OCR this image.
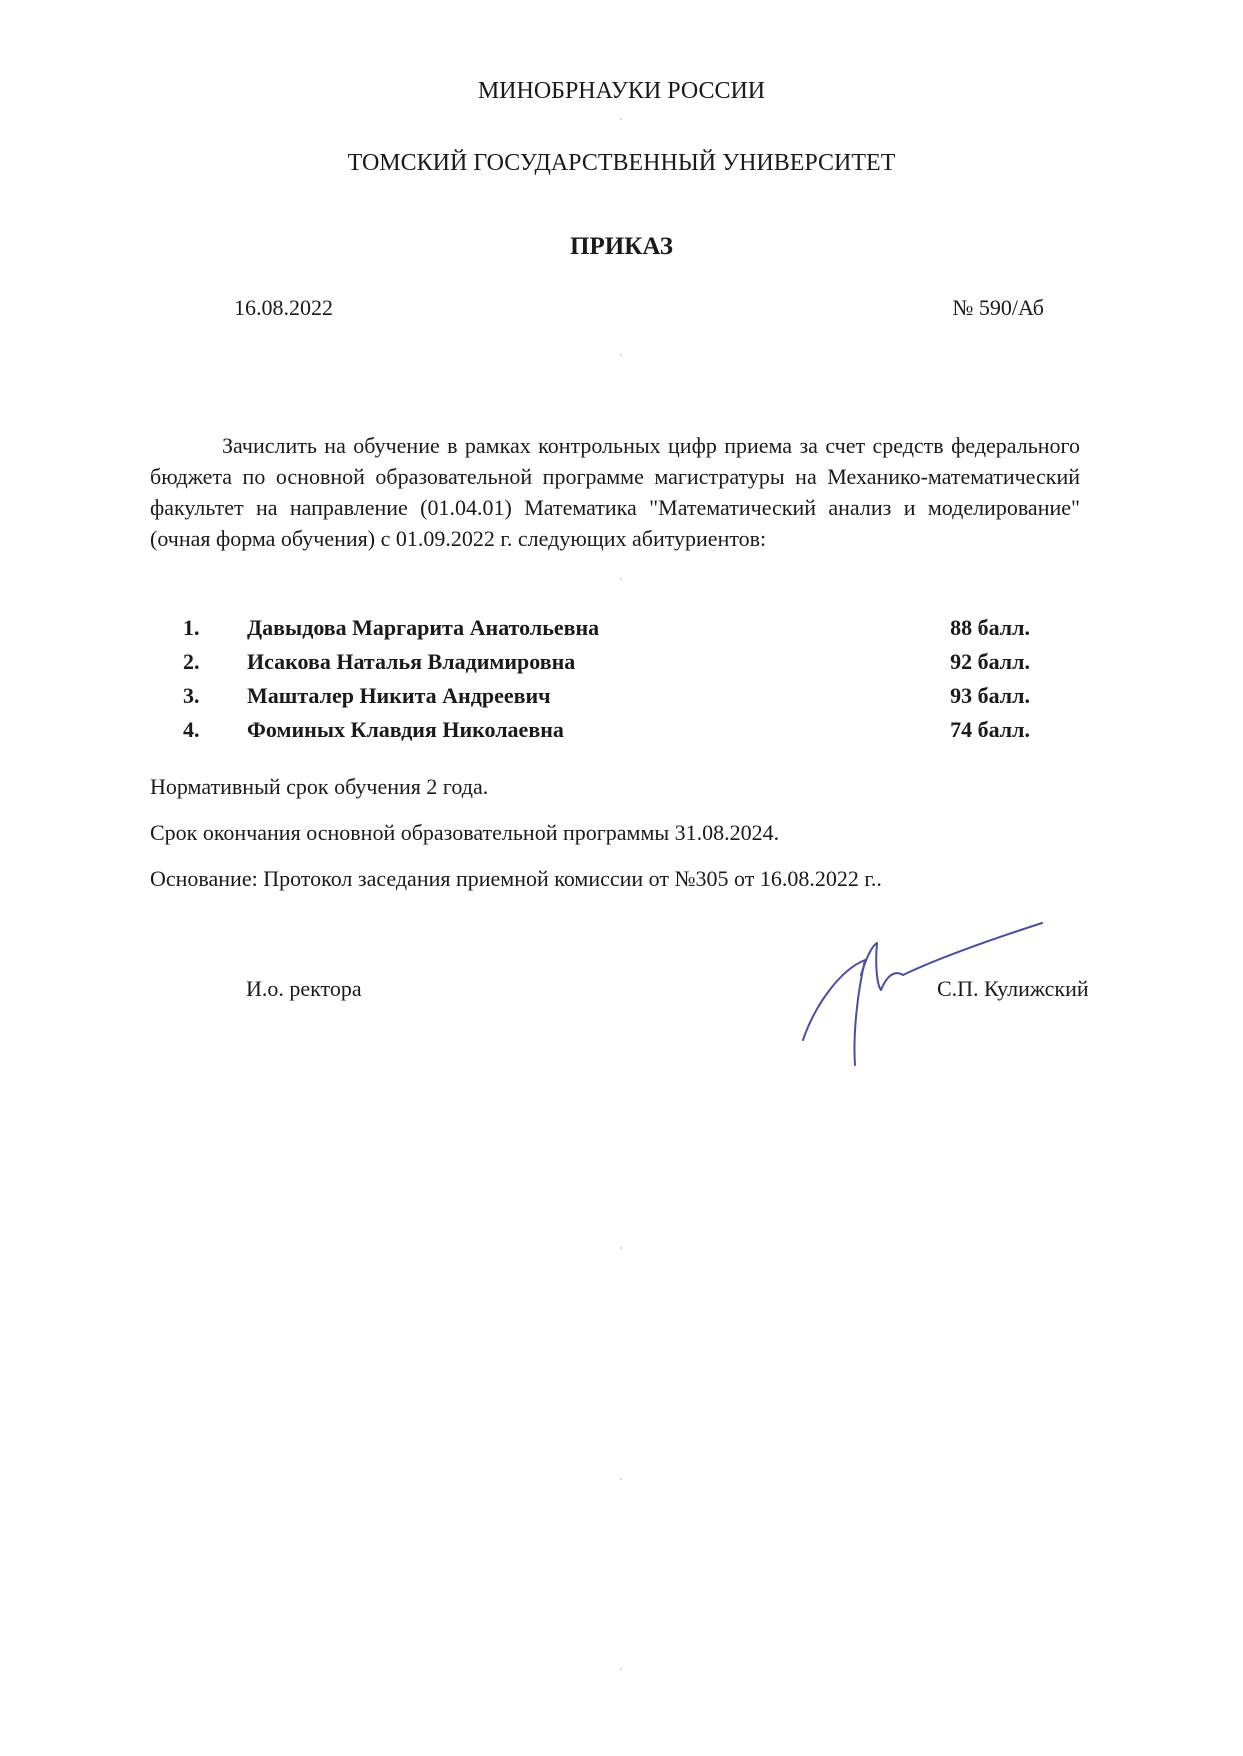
МИНОБРНАУКИ РОССИИ
ТОМСКИЙ ГОСУДАРСТВЕННЫЙ УНИВЕРСИТЕТ
ПРИКАЗ
16.08.2022	№ 590/Аб
Зачислить на обучение в рамках контрольных цифр приема за счет средств федерального бюджета по основной образовательной программе магистратуры на Механико-математический факультет на направление (01.04.01) Математика "Математический анализ и моделирование" (очная форма обучения) с 01.09.2022 г. следующих абитуриентов:
1. Давыдова Маргарита Анатольевна	88 балл.
2. Исакова Наталья Владимировна	92 балл.
3. Машталер Никита Андреевич	93 балл.
4. Фоминых Клавдия Николаевна	74 балл.
Нормативный срок обучения 2 года.
Срок окончания основной образовательной программы 31.08.2024.
Основание: Протокол заседания приемной комиссии от №305 от 16.08.2022 г..
И.о. ректора	С.П. Кулижский
